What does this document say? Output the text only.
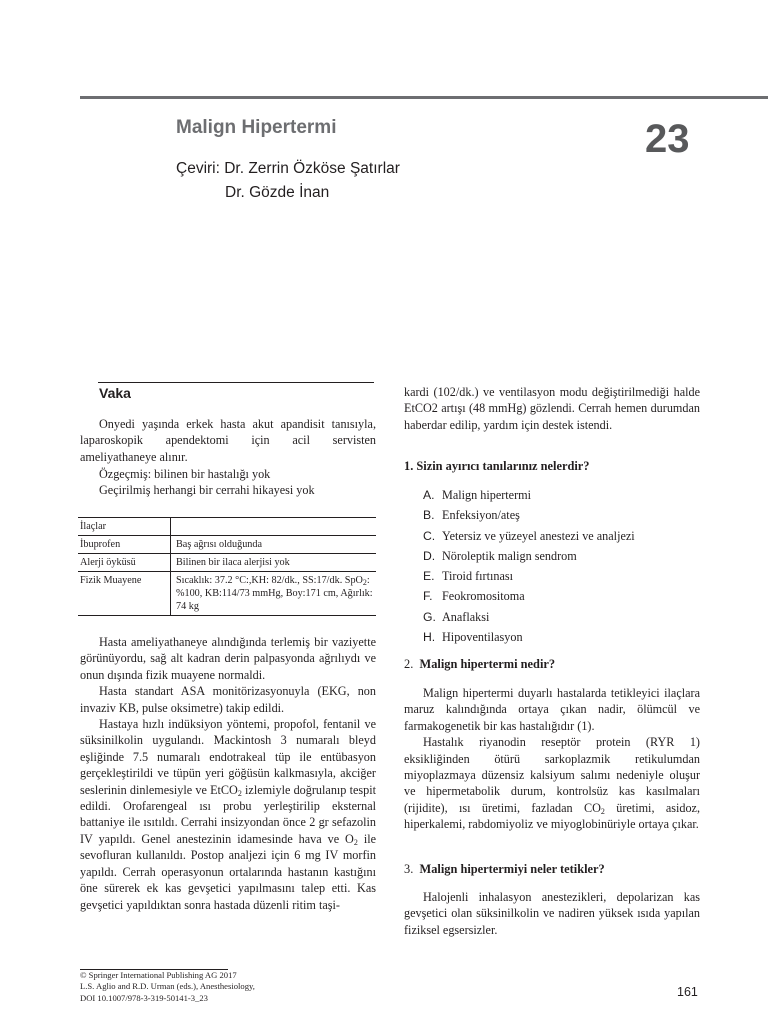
Malign Hipertermi	23
Çeviri: Dr. Zerrin Özköse Şatırlar
Dr. Gözde İnan
Vaka
Onyedi yaşında erkek hasta akut apandisit tanısıyla, laparoskopik apendektomi için acil servisten ameliyathaneye alınır.
Özgeçmiş: bilinen bir hastalığı yok
Geçirilmiş herhangi bir cerrahi hikayesi yok
İlaçlar	
İbuprofen	Baş ağrısı olduğunda
Alerji öyküsü	Bilinen bir ilaca alerjisi yok
Fizik Muayene	Sıcaklık: 37.2 °C:,KH: 82/dk., SS:17/dk. SpO$_2$: %100, KB:114/73 mmHg, Boy:171 cm, Ağırlık: 74 kg
Hasta ameliyathaneye alındığında terlemiş bir vaziyette görünüyordu, sağ alt kadran derin palpasyonda ağrılıydı ve onun dışında fizik muayene normaldi.
Hasta standart ASA monitörizasyonuyla (EKG, non invaziv KB, pulse oksimetre) takip edildi.
Hastaya hızlı indüksiyon yöntemi, propofol, fentanil ve süksinilkolin uygulandı. Mackintosh 3 numaralı bleyd eşliğinde 7.5 numaralı endotrakeal tüp ile entübasyon gerçekleştirildi ve tüpün yeri göğüsün kalkmasıyla, akciğer seslerinin dinlemesiyle ve EtCO$_2$ izlemiyle doğrulanıp tespit edildi. Orofarengeal ısı probu yerleştirilip eksternal battaniye ile ısıtıldı. Cerrahi insizyondan önce 2 gr sefazolin IV yapıldı. Genel anestezinin idamesinde hava ve $O_2$ ile sevofluran kullanıldı. Postop analjezi için 6 mg IV morfin yapıldı. Cerrah operasyonun ortalarında hastanın kastığını öne sürerek ek kas gevşetici yapılmasını talep etti. Kas gevşetici yapıldıktan sonra hastada düzenli ritim taşi-
kardi (102/dk.) ve ventilasyon modu değiştirilmediği halde EtCO2 artışı (48 mmHg) gözlendi. Cerrah hemen durumdan haberdar edilip, yardım için destek istendi.
1. Sizin ayırıcı tanılarınız nelerdir?
A. Malign hipertermi
B. Enfeksiyon/ateş
C. Yetersiz ve yüzeyel anestezi ve analjezi
D. Nöroleptik malign sendrom
E. Tiroid fırtınası
F. Feokromositoma
G. Anaflaksi
H. Hipoventilasyon
2. Malign hipertermi nedir?
Malign hipertermi duyarlı hastalarda tetikleyici ilaçlara maruz kalındığında ortaya çıkan nadir, ölümcül ve farmakogenetik bir kas hastalığıdır (1).
Hastalık riyanodin reseptör protein (RYR 1) eksikliğinden ötürü sarkoplazmik retikulumdan miyoplazmaya düzensiz kalsiyum salımı nedeniyle oluşur ve hipermetabolik durum, kontrolsüz kas kasılmaları (rijidite), ısı üretimi, fazladan $CO_2$ üretimi, asidoz, hiperkalemi, rabdomiyoliz ve miyoglobinüriyle ortaya çıkar.
3. Malign hipertermiyi neler tetikler?
Halojenli inhalasyon anestezikleri, depolarizan kas gevşetici olan süksinilkolin ve nadiren yüksek ısıda yapılan fiziksel egsersizler.
© Springer International Publishing AG 2017
L.S. Aglio and R.D. Urman (eds.), Anesthesiology,
DOI 10.1007/978-3-319-50141-3_23	161
